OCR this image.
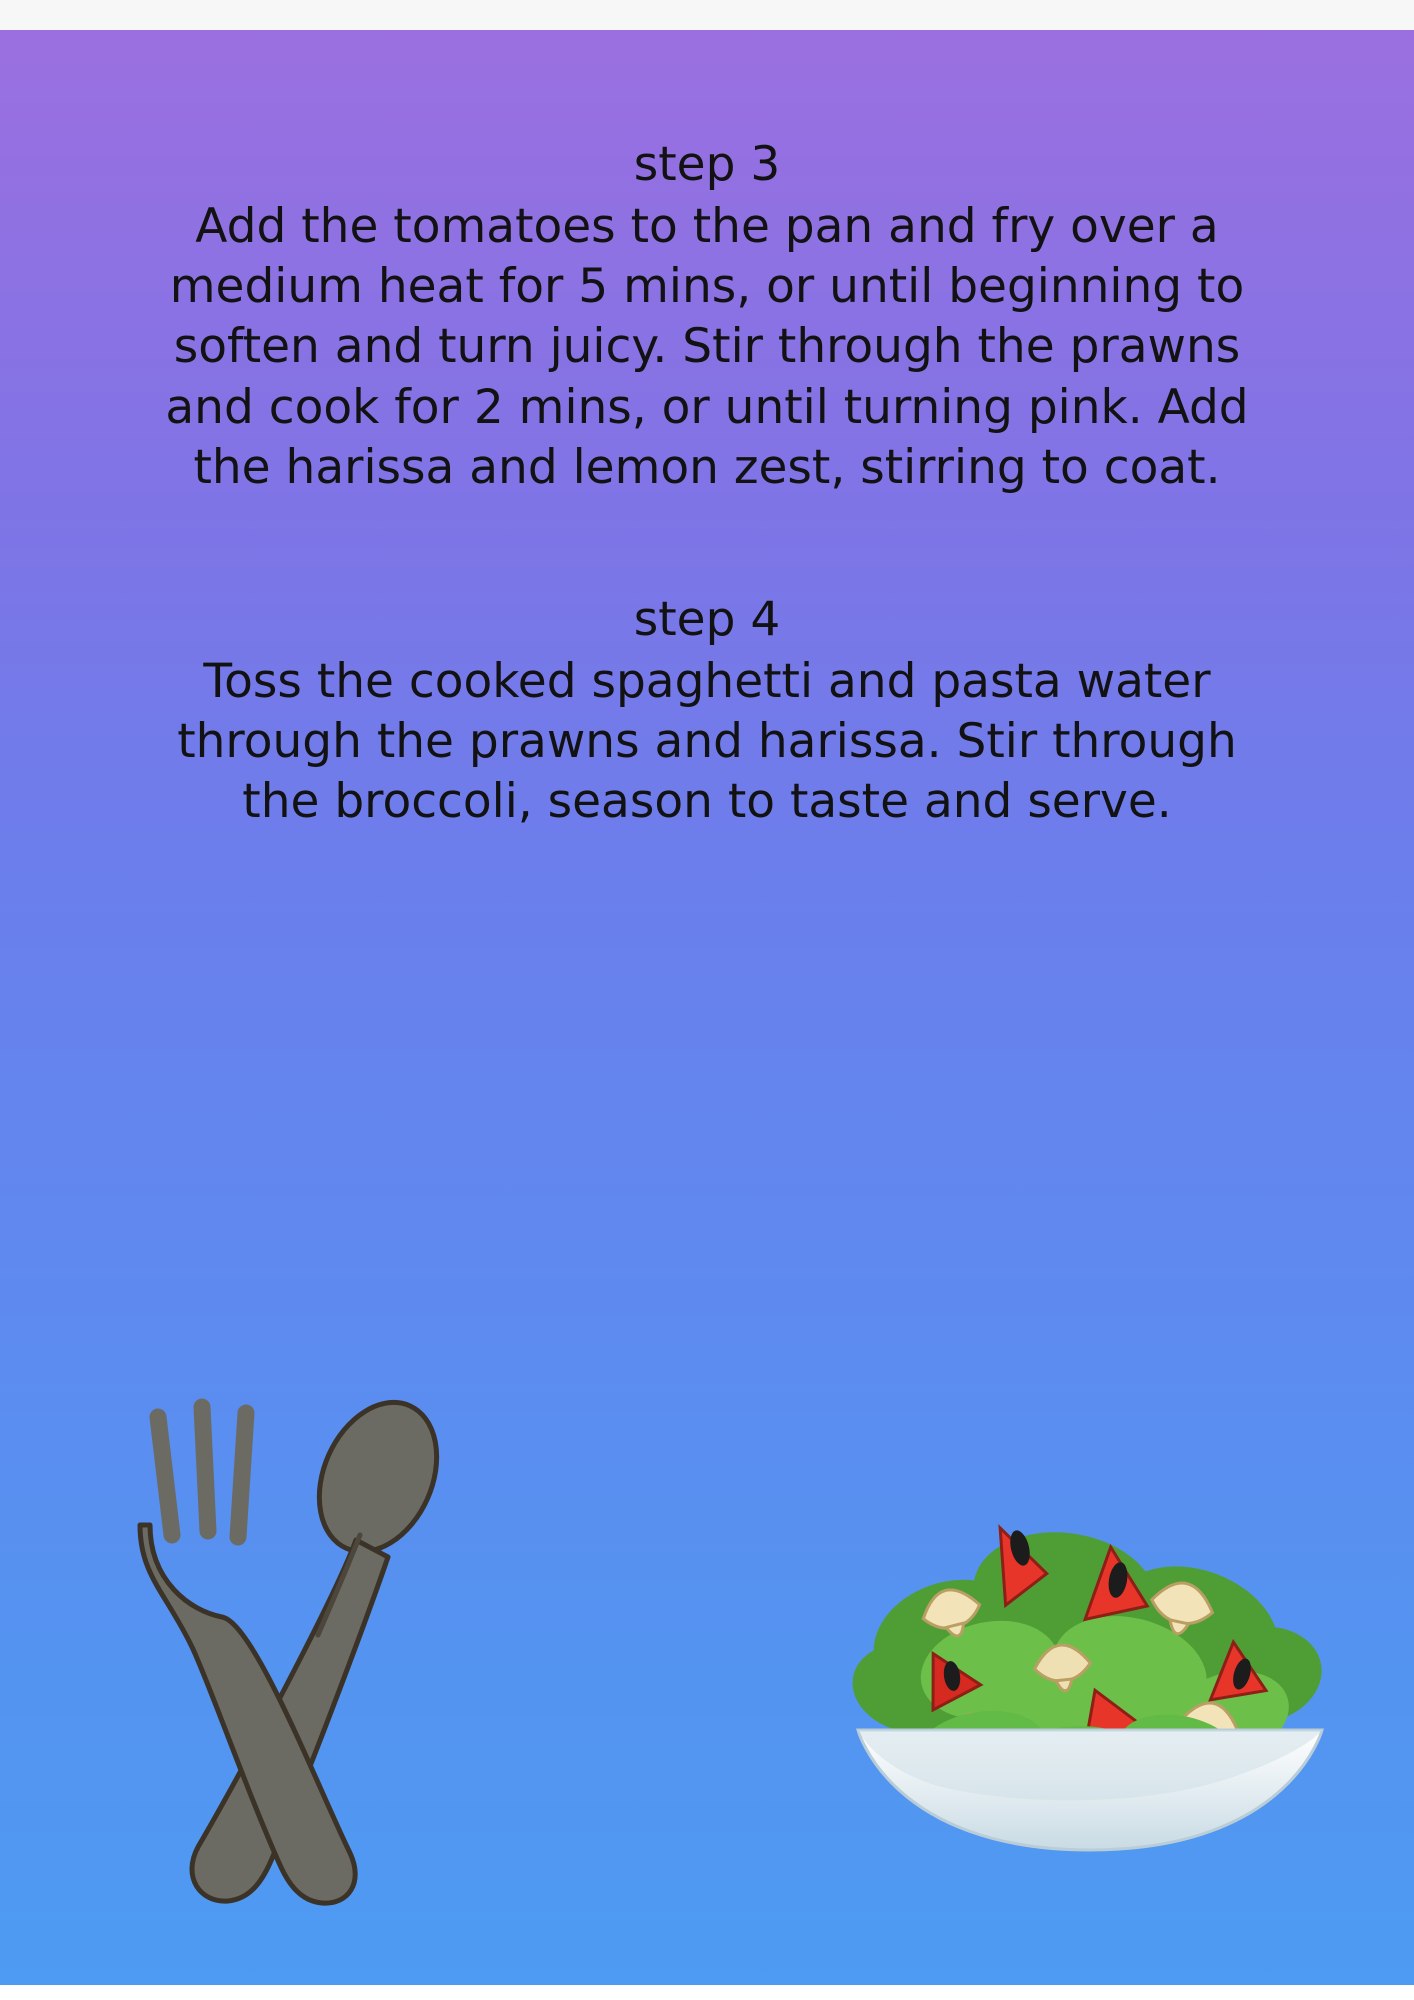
step 3

Add the tomatoes to the pan and fry over a medium heat for 5 mins, or until beginning to soften and turn juicy. Stir through the prawns and cook for 2 mins, or until turning pink. Add the harissa and lemon zest, stirring to coat.

step 4

Toss the cooked spaghetti and pasta water through the prawns and harissa. Stir through the broccoli, season to taste and serve.
